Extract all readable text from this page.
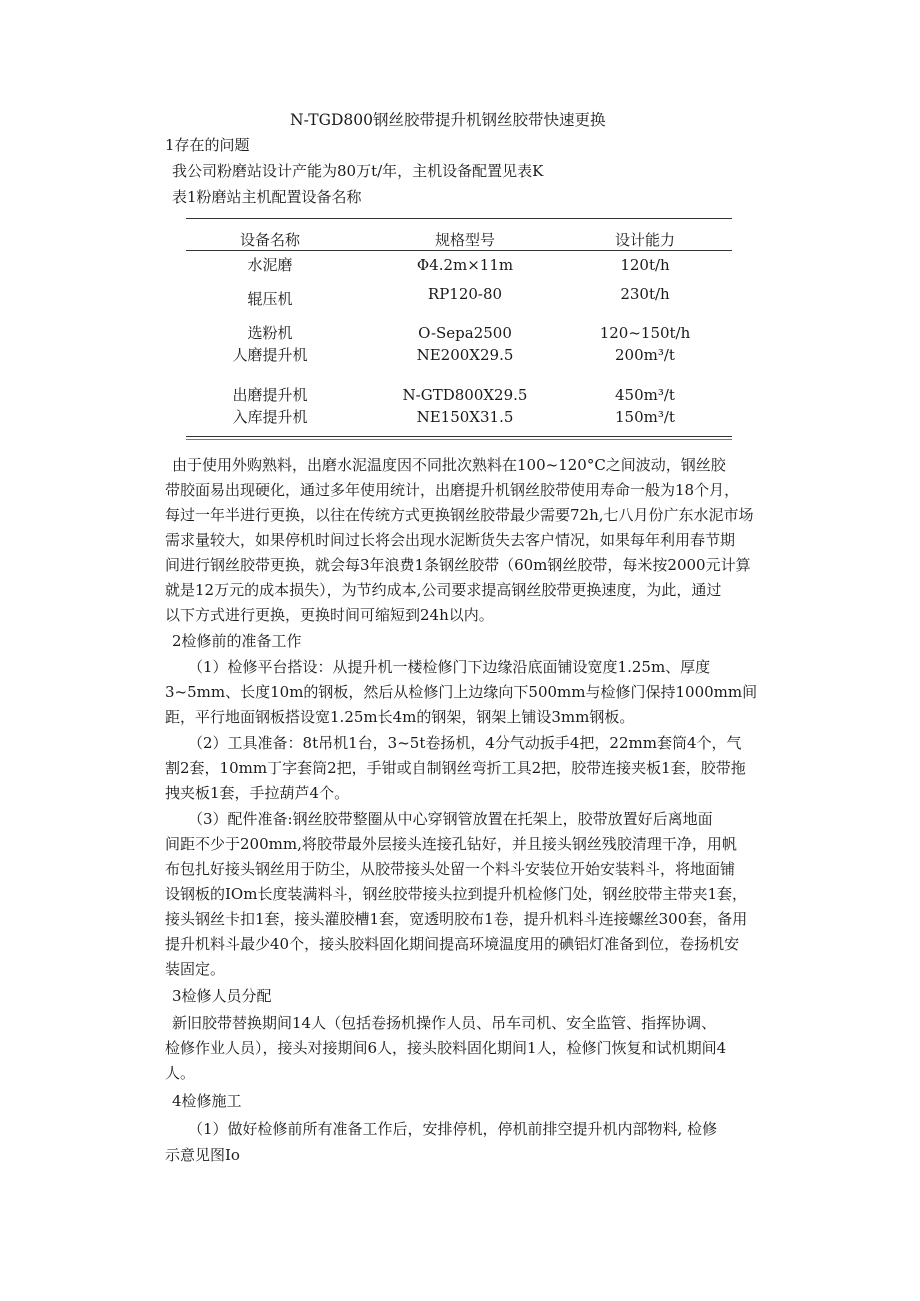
N-TGD800钢丝胶带提升机钢丝胶带快速更换
1存在的问题
我公司粉磨站设计产能为80万t/年，主机设备配置见表K
表1粉磨站主机配置设备名称
设备名称	规格型号	设计能力
水泥磨	Φ4.2m×11m	120t/h
辊压机	RP120-80	230t/h
选粉机	O-Sepa2500	120~150t/h
人磨提升机	NE200X29.5	200m³/t
出磨提升机	N-GTD800X29.5	450m³/t
入库提升机	NE150X31.5	150m³/t
由于使用外购熟料，出磨水泥温度因不同批次熟料在100~120°C之间波动，钢丝胶
带胶面易出现硬化，通过多年使用统计，出磨提升机钢丝胶带使用寿命一般为18个月，
每过一年半进行更换，以往在传统方式更换钢丝胶带最少需要72h,七八月份广东水泥市场
需求量较大，如果停机时间过长将会出现水泥断货失去客户情况，如果每年利用春节期
间进行钢丝胶带更换，就会每3年浪费1条钢丝胶带（60m钢丝胶带，每米按2000元计算
就是12万元的成本损失），为节约成本,公司要求提高钢丝胶带更换速度，为此，通过
以下方式进行更换，更换时间可缩短到24h以内。
2检修前的准备工作
（1）检修平台搭设：从提升机一楼检修门下边缘沿底面铺设宽度1.25m、厚度
3~5mm、长度10m的钢板，然后从检修门上边缘向下500mm与检修门保持1000mm间
距，平行地面钢板搭设宽1.25m长4m的钢架，钢架上铺设3mm钢板。
（2）工具准备：8t吊机1台，3~5t卷扬机，4分气动扳手4把，22mm套筒4个，气
割2套，10mm丁字套筒2把，手钳或自制钢丝弯折工具2把，胶带连接夹板1套，胶带拖
拽夹板1套，手拉葫芦4个。
（3）配件准备:钢丝胶带整圈从中心穿钢管放置在托架上，胶带放置好后离地面
间距不少于200mm,将胶带最外层接头连接孔钻好，并且接头钢丝残胶清理干净，用帆
布包扎好接头钢丝用于防尘，从胶带接头处留一个料斗安装位开始安装料斗，将地面铺
设钢板的IOm长度装满料斗，钢丝胶带接头拉到提升机检修门处，钢丝胶带主带夹1套，
接头钢丝卡扣1套，接头灌胶槽1套，宽透明胶布1卷，提升机料斗连接螺丝300套，备用
提升机料斗最少40个，接头胶料固化期间提高环境温度用的碘铝灯准备到位，卷扬机安
装固定。
3检修人员分配
新旧胶带替换期间14人（包括卷扬机操作人员、吊车司机、安全监管、指挥协调、
检修作业人员），接头对接期间6人，接头胶料固化期间1人，检修门恢复和试机期间4
人。
4检修施工
（1）做好检修前所有准备工作后，安排停机，停机前排空提升机内部物料, 检修
示意见图Io
